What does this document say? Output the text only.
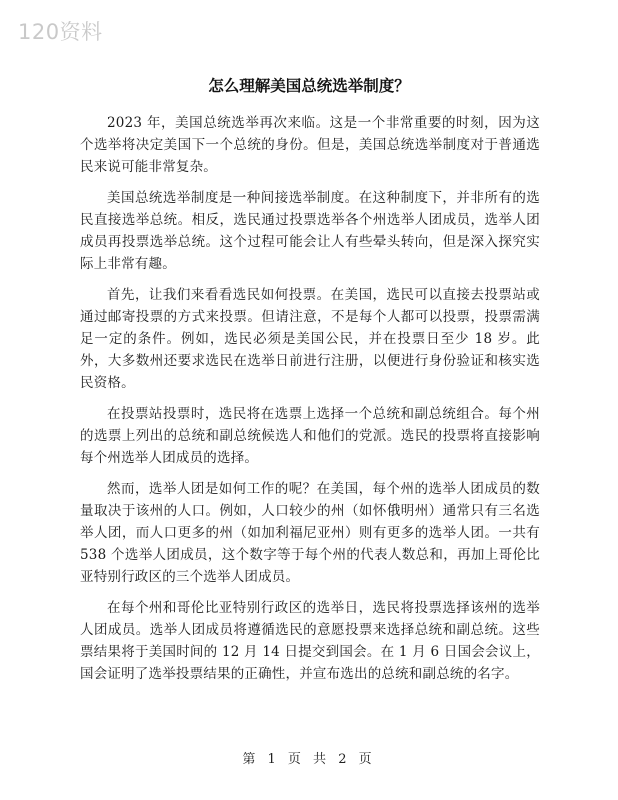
120资料
怎么理解美国总统选举制度？

2023 年，美国总统选举再次来临。这是一个非常重要的时刻，因为这个选举将决定美国下一个总统的身份。但是，美国总统选举制度对于普通选民来说可能非常复杂。

美国总统选举制度是一种间接选举制度。在这种制度下，并非所有的选民直接选举总统。相反，选民通过投票选举各个州选举人团成员，选举人团成员再投票选举总统。这个过程可能会让人有些晕头转向，但是深入探究实际上非常有趣。

首先，让我们来看看选民如何投票。在美国，选民可以直接去投票站或通过邮寄投票的方式来投票。但请注意，不是每个人都可以投票，投票需满足一定的条件。例如，选民必须是美国公民，并在投票日至少 18 岁。此外，大多数州还要求选民在选举日前进行注册，以便进行身份验证和核实选民资格。

在投票站投票时，选民将在选票上选择一个总统和副总统组合。每个州的选票上列出的总统和副总统候选人和他们的党派。选民的投票将直接影响每个州选举人团成员的选择。

然而，选举人团是如何工作的呢？在美国，每个州的选举人团成员的数量取决于该州的人口。例如，人口较少的州（如怀俄明州）通常只有三名选举人团，而人口更多的州（如加利福尼亚州）则有更多的选举人团。一共有 538 个选举人团成员，这个数字等于每个州的代表人数总和，再加上哥伦比亚特别行政区的三个选举人团成员。

在每个州和哥伦比亚特别行政区的选举日，选民将投票选择该州的选举人团成员。选举人团成员将遵循选民的意愿投票来选择总统和副总统。这些票结果将于美国时间的 12 月 14 日提交到国会。在 1 月 6 日国会会议上，国会证明了选举投票结果的正确性，并宣布选出的总统和副总统的名字。

第 1 页 共 2 页
